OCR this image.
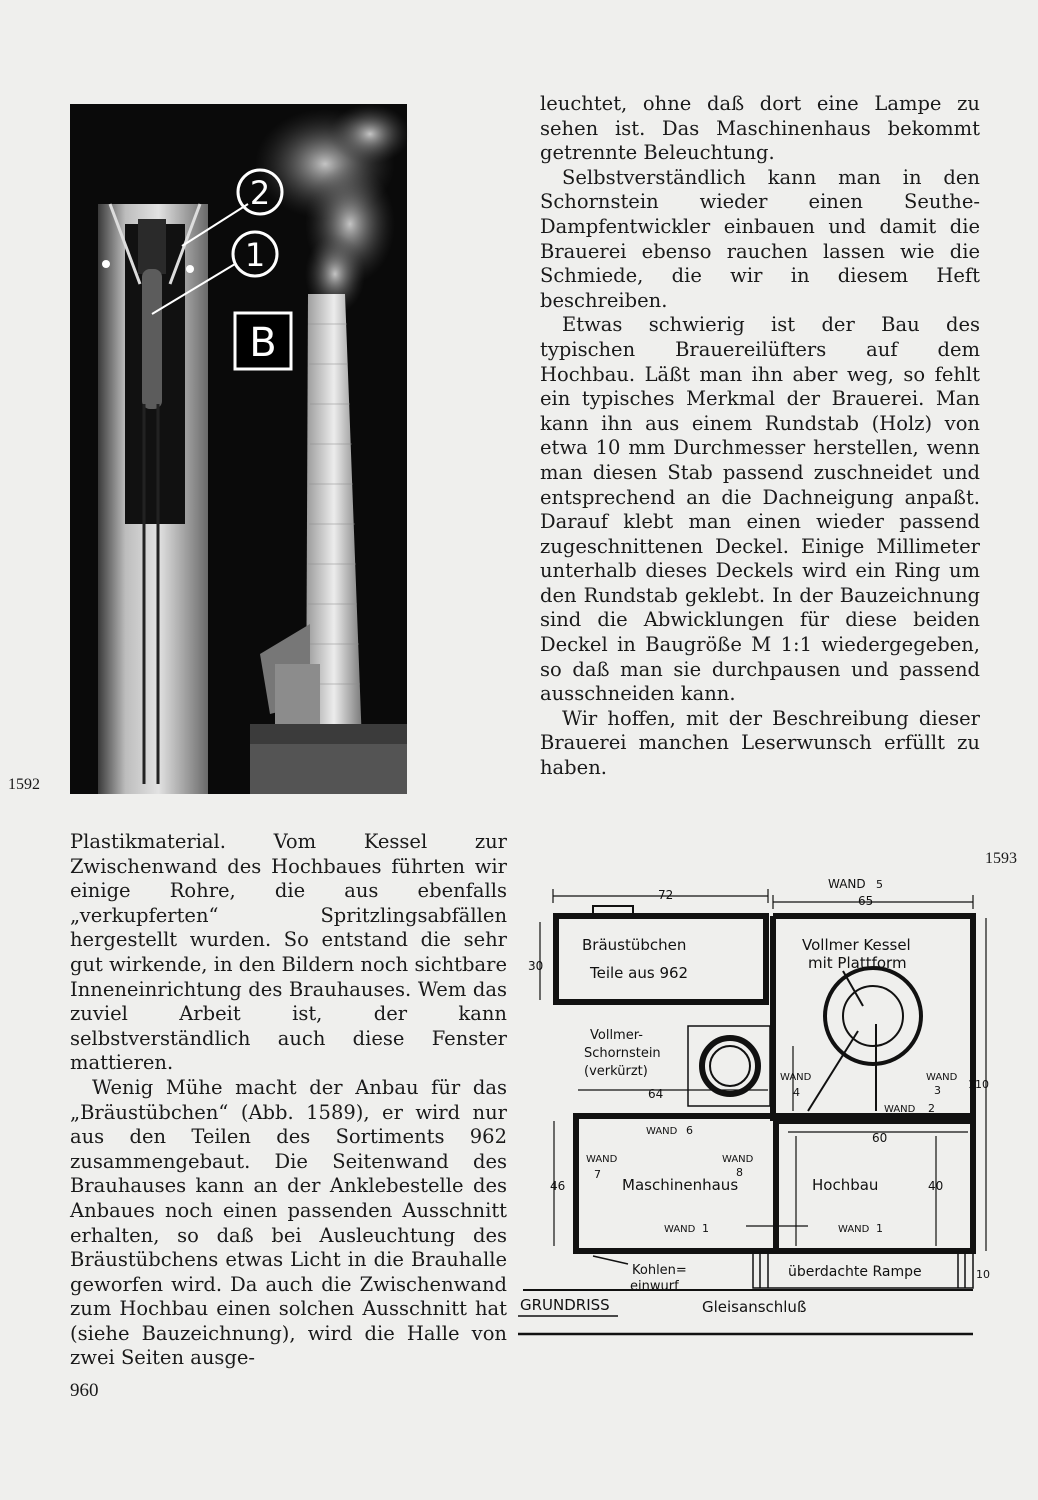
2
1
B
1592
1593

leuchtet, ohne daß dort eine Lampe zu sehen ist. Das Maschinenhaus bekommt getrennte Beleuchtung.

Selbstverständlich kann man in den Schornstein wieder einen Seuthe-Dampfentwickler einbauen und damit die Brauerei ebenso rauchen lassen wie die Schmiede, die wir in diesem Heft beschreiben.

Etwas schwierig ist der Bau des typischen Brauereilüfters auf dem Hochbau. Läßt man ihn aber weg, so fehlt ein typisches Merkmal der Brauerei. Man kann ihn aus einem Rundstab (Holz) von etwa 10 mm Durchmesser herstellen, wenn man diesen Stab passend zuschneidet und entsprechend an die Dachneigung anpaßt. Darauf klebt man einen wieder passend zugeschnittenen Deckel. Einige Millimeter unterhalb dieses Deckels wird ein Ring um den Rundstab geklebt. In der Bauzeichnung sind die Abwicklungen für diese beiden Deckel in Baugröße M 1:1 wiedergegeben, so daß man sie durchpausen und passend ausschneiden kann.

Wir hoffen, mit der Beschreibung dieser Brauerei manchen Leserwunsch erfüllt zu haben.

Plastikmaterial. Vom Kessel zur Zwischenwand des Hochbaues führten wir einige Rohre, die aus ebenfalls „verkupferten“ Spritzlingsabfällen hergestellt wurden. So entstand die sehr gut wirkende, in den Bildern noch sichtbare Inneneinrichtung des Brauhauses. Wem das zuviel Arbeit ist, der kann selbstverständlich auch diese Fenster mattieren.

Wenig Mühe macht der Anbau für das „Bräustübchen“ (Abb. 1589), er wird nur aus den Teilen des Sortiments 962 zusammengebaut. Die Seitenwand des Brauhauses kann an der Anklebestelle des Anbaues noch einen passenden Ausschnitt erhalten, so daß bei Ausleuchtung des Bräustübchens etwas Licht in die Brauhalle geworfen wird. Da auch die Zwischenwand zum Hochbau einen solchen Ausschnitt hat (siehe Bauzeichnung), wird die Halle von zwei Seiten ausge-

72	65
WAND 5
30
Bräustübchen
Teile aus 962
Vollmer Kessel
mit Plattform
Vollmer-
Schornstein
(verkürzt)
64
WAND
4
WAND
3
WAND 2
110
60
WAND 6
WAND
7
WAND
8
46	Maschinenhaus	Hochbau	40
WAND 1	WAND 1
Kohlen=
einwurf
überdachte Rampe	10
GRUNDRISS	Gleisanschluß
960
